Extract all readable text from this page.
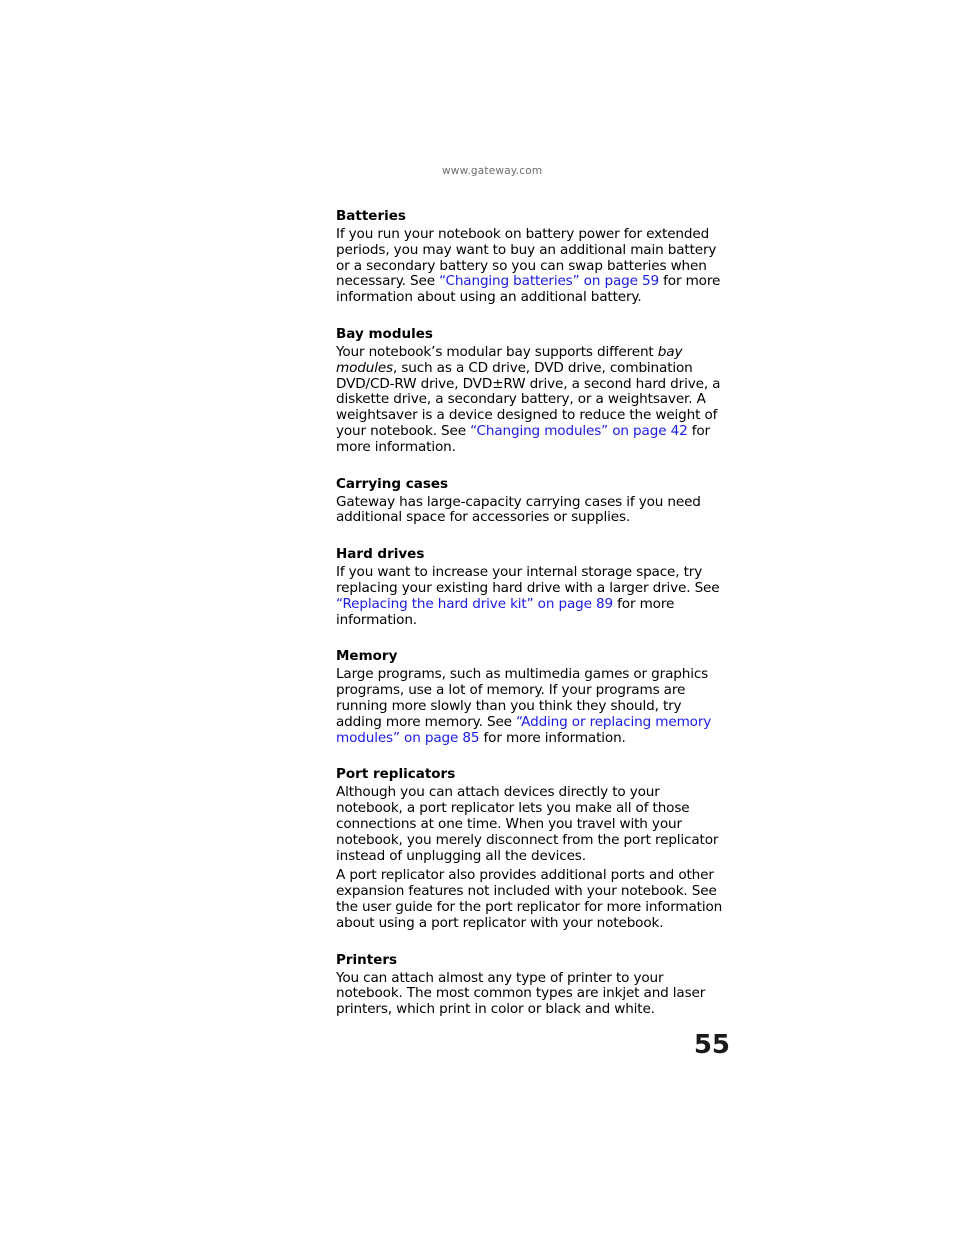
www.gateway.com
Batteries

If you run your notebook on battery power for extended periods, you may want to buy an additional main battery or a secondary battery so you can swap batteries when necessary. See “Changing batteries” on page 59 for more information about using an additional battery.

Bay modules

Your notebook’s modular bay supports different bay modules, such as a CD drive, DVD drive, combination DVD/CD-RW drive, DVD±RW drive, a second hard drive, a diskette drive, a secondary battery, or a weightsaver. A weightsaver is a device designed to reduce the weight of your notebook. See “Changing modules” on page 42 for more information.

Carrying cases

Gateway has large-capacity carrying cases if you need additional space for accessories or supplies.

Hard drives

If you want to increase your internal storage space, try replacing your existing hard drive with a larger drive. See “Replacing the hard drive kit” on page 89 for more information.

Memory

Large programs, such as multimedia games or graphics programs, use a lot of memory. If your programs are running more slowly than you think they should, try adding more memory. See “Adding or replacing memory modules” on page 85 for more information.

Port replicators

Although you can attach devices directly to your notebook, a port replicator lets you make all of those connections at one time. When you travel with your notebook, you merely disconnect from the port replicator instead of unplugging all the devices.

A port replicator also provides additional ports and other expansion features not included with your notebook. See the user guide for the port replicator for more information about using a port replicator with your notebook.

Printers

You can attach almost any type of printer to your notebook. The most common types are inkjet and laser printers, which print in color or black and white.

55
